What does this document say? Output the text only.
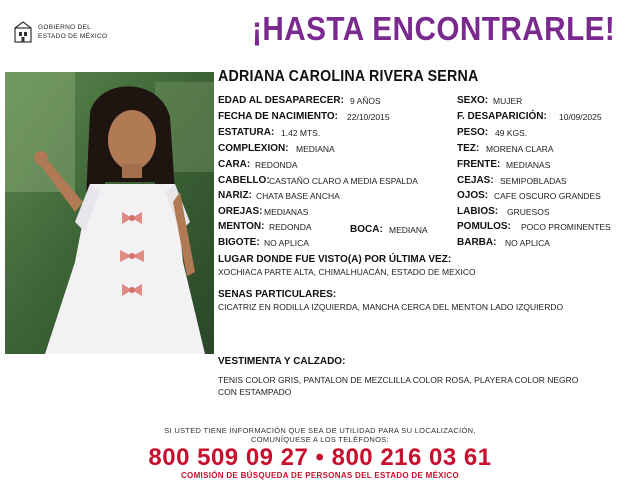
GOBIERNO DEL
ESTADO DE MÉXICO	¡HASTA ENCONTRARLE!
ADRIANA CAROLINA RIVERA SERNA
EDAD AL DESAPARECER: 9 AÑOS
FECHA DE NACIMIENTO: 22/10/2015
ESTATURA: 1.42 MTS.
COMPLEXION: MEDIANA
CARA: REDONDA
CABELLO: CASTAÑO CLARO A MEDIA ESPALDA
NARIZ: CHATA BASE ANCHA
OREJAS: MEDIANAS
MENTON: REDONDA	BOCA: MEDIANA
BIGOTE: NO APLICA
SEXO: MUJER
F. DESAPARICIÓN: 10/09/2025
PESO: 49 KGS.
TEZ: MORENA CLARA
FRENTE: MEDIANAS
CEJAS: SEMIPOBLADAS
OJOS: CAFE OSCURO GRANDES
LABIOS: GRUESOS
POMULOS: POCO PROMINENTES
BARBA: NO APLICA
LUGAR DONDE FUE VISTO(A) POR ÚLTIMA VEZ:
XOCHIACA PARTE ALTA, CHIMALHUACÁN, ESTADO DE MEXICO
SENAS PARTICULARES:
CICATRIZ EN RODILLA IZQUIERDA, MANCHA CERCA DEL MENTON LADO IZQUIERDO
VESTIMENTA Y CALZADO:
TENIS COLOR GRIS, PANTALON DE MEZCLILLA COLOR ROSA, PLAYERA COLOR NEGRO
CON ESTAMPADO
SI USTED TIENE INFORMACIÓN QUE SEA DE UTILIDAD PARA SU LOCALIZACIÓN,
COMUNÍQUESE A LOS TELÉFONOS:
800 509 09 27 • 800 216 03 61
COMISIÓN DE BÚSQUEDA DE PERSONAS DEL ESTADO DE MÉXICO
